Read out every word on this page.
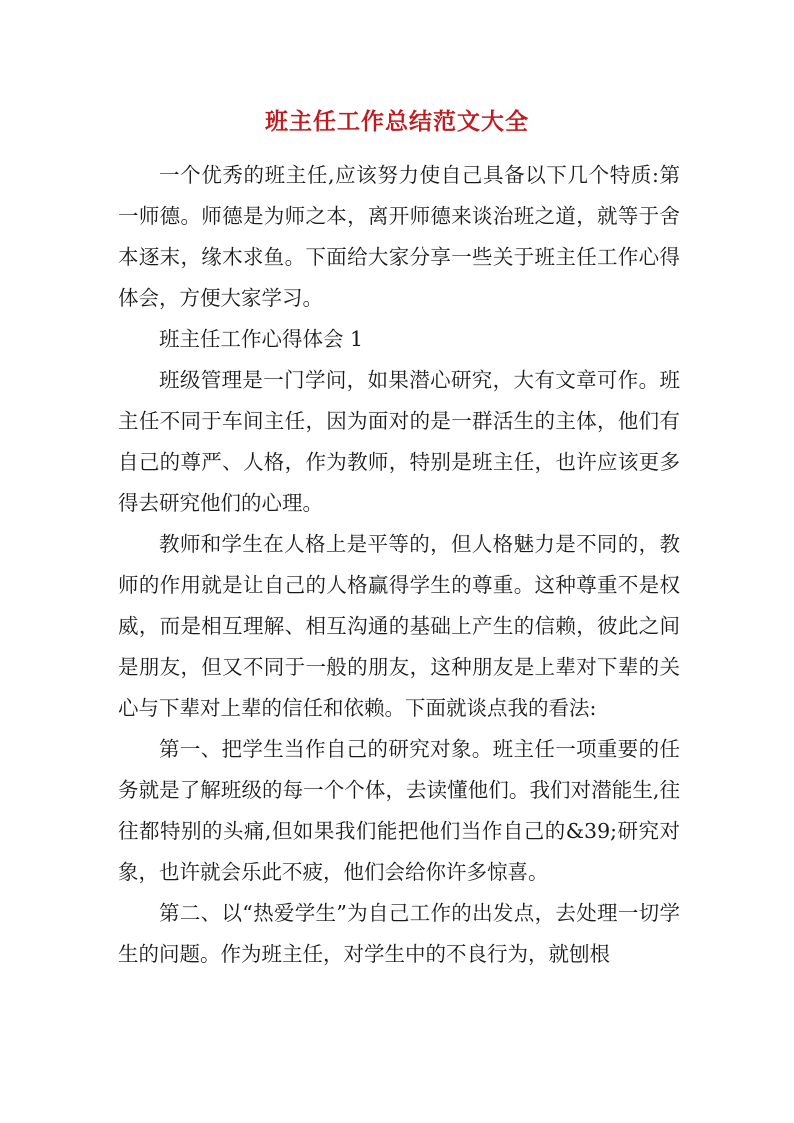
班主任工作总结范文大全

一个优秀的班主任,应该努力使自己具备以下几个特质:第一师德。师德是为师之本，离开师德来谈治班之道，就等于舍本逐末，缘木求鱼。下面给大家分享一些关于班主任工作心得体会，方便大家学习。

班主任工作心得体会 1

班级管理是一门学问，如果潜心研究，大有文章可作。班主任不同于车间主任，因为面对的是一群活生的主体，他们有自己的尊严、人格，作为教师，特别是班主任，也许应该更多得去研究他们的心理。

教师和学生在人格上是平等的，但人格魅力是不同的，教师的作用就是让自己的人格赢得学生的尊重。这种尊重不是权威，而是相互理解、相互沟通的基础上产生的信赖，彼此之间是朋友，但又不同于一般的朋友，这种朋友是上辈对下辈的关心与下辈对上辈的信任和依赖。下面就谈点我的看法:

第一、把学生当作自己的研究对象。班主任一项重要的任务就是了解班级的每一个个体，去读懂他们。我们对潜能生,往往都特别的头痛,但如果我们能把他们当作自己的&39;研究对象，也许就会乐此不疲，他们会给你许多惊喜。

第二、以“热爱学生”为自己工作的出发点，去处理一切学生的问题。作为班主任，对学生中的不良行为，就刨根
